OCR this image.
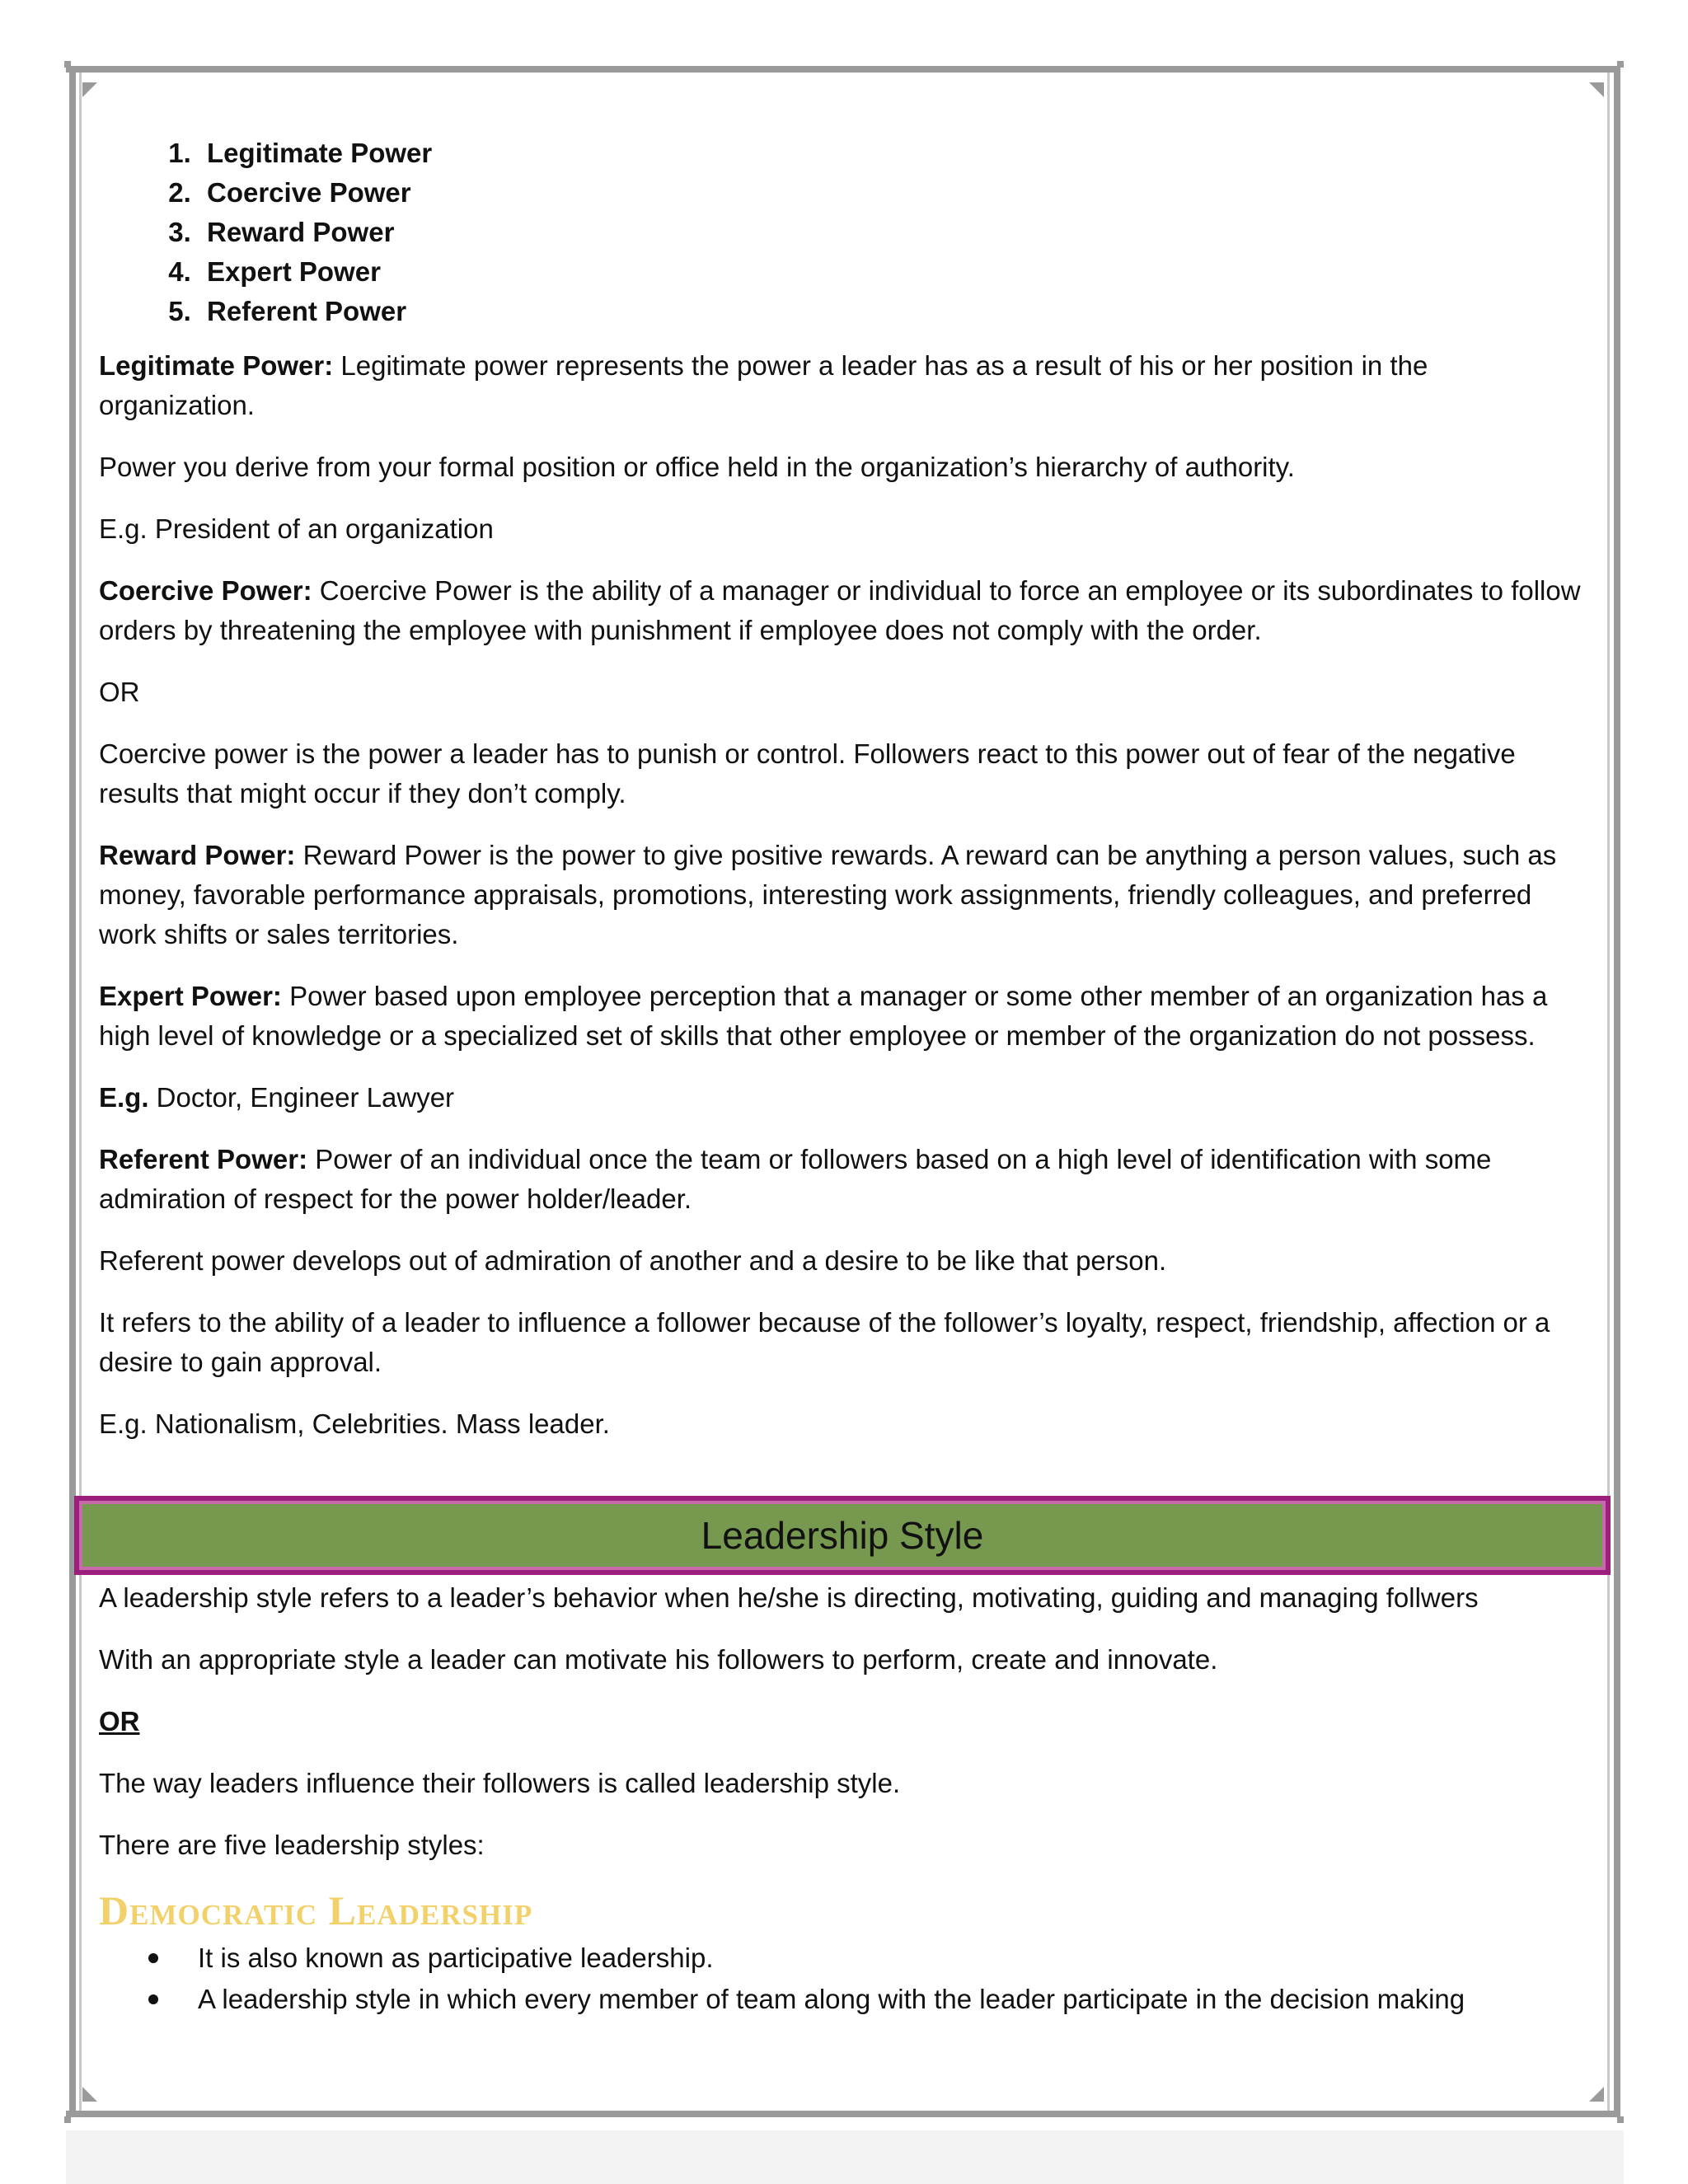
1. Legitimate Power
2. Coercive Power
3. Reward Power
4. Expert Power
5. Referent Power

Legitimate Power: Legitimate power represents the power a leader has as a result of his or her position in the organization.

Power you derive from your formal position or office held in the organization’s hierarchy of authority.

E.g. President of an organization

Coercive Power: Coercive Power is the ability of a manager or individual to force an employee or its subordinates to follow orders by threatening the employee with punishment if employee does not comply with the order.

OR

Coercive power is the power a leader has to punish or control. Followers react to this power out of fear of the negative results that might occur if they don’t comply.

Reward Power: Reward Power is the power to give positive rewards. A reward can be anything a person values, such as money, favorable performance appraisals, promotions, interesting work assignments, friendly colleagues, and preferred work shifts or sales territories.

Expert Power: Power based upon employee perception that a manager or some other member of an organization has a high level of knowledge or a specialized set of skills that other employee or member of the organization do not possess.

E.g. Doctor, Engineer Lawyer

Referent Power: Power of an individual once the team or followers based on a high level of identification with some admiration of respect for the power holder/leader.

Referent power develops out of admiration of another and a desire to be like that person.

It refers to the ability of a leader to influence a follower because of the follower’s loyalty, respect, friendship, affection or a desire to gain approval.

E.g. Nationalism, Celebrities. Mass leader.

Leadership Style

A leadership style refers to a leader’s behavior when he/she is directing, motivating, guiding and managing follwers

With an appropriate style a leader can motivate his followers to perform, create and innovate.

OR

The way leaders influence their followers is called leadership style.

There are five leadership styles:

Democratic Leadership
It is also known as participative leadership.
A leadership style in which every member of team along with the leader participate in the decision making
